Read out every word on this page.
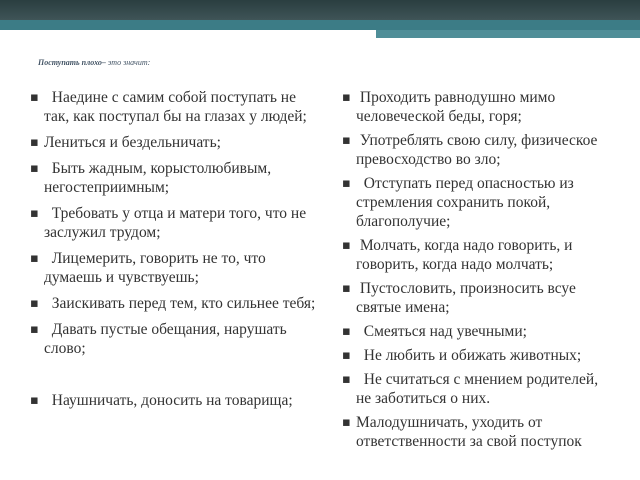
Поступать плохо– это значит:
▪ Наедине с самим собой поступать не так, как поступал бы на глазах у людей;
▪ Лениться и бездельничать;
▪ Быть жадным, корыстолюбивым, негостеприимным;
▪ Требовать у отца и матери того, что не заслужил трудом;
▪ Лицемерить, говорить не то, что думаешь и чувствуешь;
▪ Заискивать перед тем, кто сильнее тебя;
▪ Давать пустые обещания, нарушать слово;
▪ Наушничать, доносить на товарища;
▪ Проходить равнодушно мимо человеческой беды, горя;
▪ Употреблять свою силу, физическое превосходство во зло;
▪ Отступать перед опасностью из стремления сохранить покой, благополучие;
▪ Молчать, когда надо говорить, и говорить, когда надо молчать;
▪ Пустословить, произносить всуе святые имена;
▪ Смеяться над увечными;
▪ Не любить и обижать животных;
▪ Не считаться с мнением родителей, не заботиться о них.
▪ Малодушничать, уходить от ответственности за свой поступок
